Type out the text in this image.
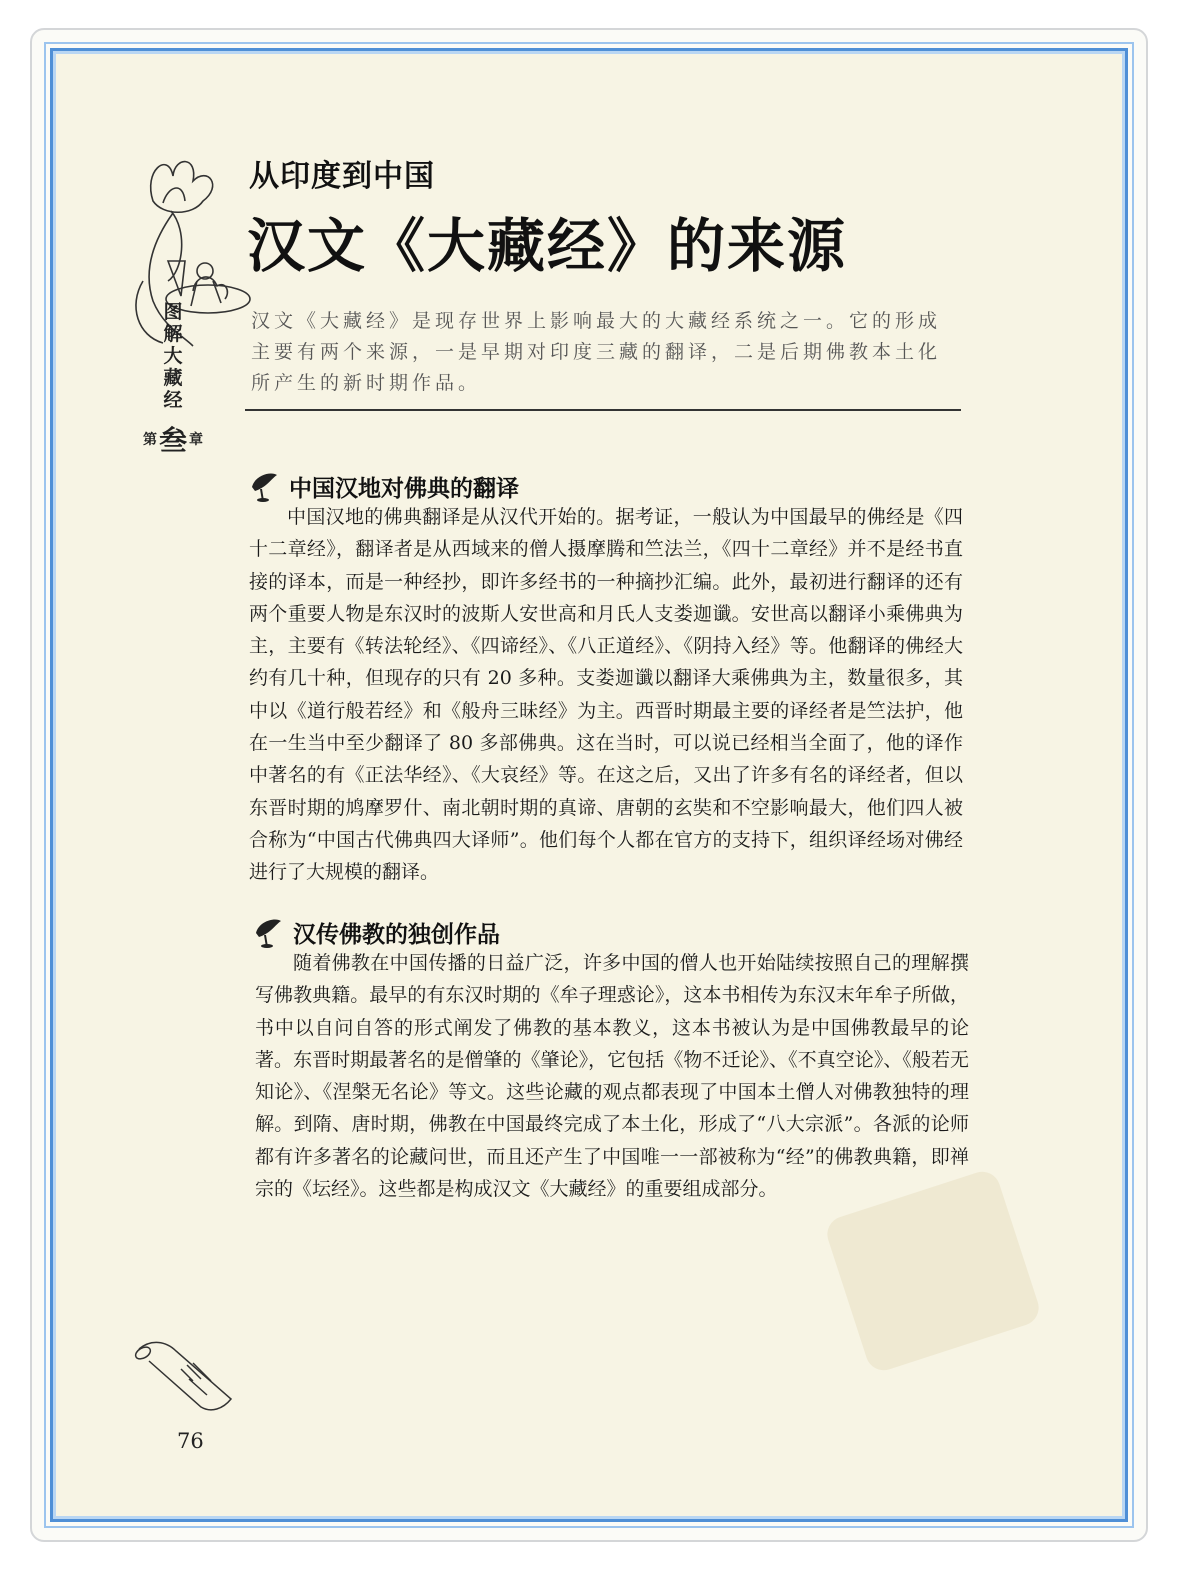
图解大藏经
第 叁 章
从印度到中国
汉文《大藏经》的来源

汉文《大藏经》是现存世界上影响最大的大藏经系统之一。它的形成主要有两个来源，一是早期对印度三藏的翻译，二是后期佛教本土化所产生的新时期作品。

中国汉地对佛典的翻译

中国汉地的佛典翻译是从汉代开始的。据考证，一般认为中国最早的佛经是《四十二章经》，翻译者是从西域来的僧人摄摩腾和竺法兰，《四十二章经》并不是经书直接的译本，而是一种经抄，即许多经书的一种摘抄汇编。此外，最初进行翻译的还有两个重要人物是东汉时的波斯人安世高和月氏人支娄迦谶。安世高以翻译小乘佛典为主，主要有《转法轮经》、《四谛经》、《八正道经》、《阴持入经》等。他翻译的佛经大约有几十种，但现存的只有 20 多种。支娄迦谶以翻译大乘佛典为主，数量很多，其中以《道行般若经》和《般舟三昧经》为主。西晋时期最主要的译经者是竺法护，他在一生当中至少翻译了 80 多部佛典。这在当时，可以说已经相当全面了，他的译作中著名的有《正法华经》、《大哀经》等。在这之后，又出了许多有名的译经者，但以东晋时期的鸠摩罗什、南北朝时期的真谛、唐朝的玄奘和不空影响最大，他们四人被合称为“中国古代佛典四大译师”。他们每个人都在官方的支持下，组织译经场对佛经进行了大规模的翻译。

汉传佛教的独创作品

随着佛教在中国传播的日益广泛，许多中国的僧人也开始陆续按照自己的理解撰写佛教典籍。最早的有东汉时期的《牟子理惑论》，这本书相传为东汉末年牟子所做，书中以自问自答的形式阐发了佛教的基本教义，这本书被认为是中国佛教最早的论著。东晋时期最著名的是僧肇的《肇论》，它包括《物不迁论》、《不真空论》、《般若无知论》、《涅槃无名论》等文。这些论藏的观点都表现了中国本土僧人对佛教独特的理解。到隋、唐时期，佛教在中国最终完成了本土化，形成了“八大宗派”。各派的论师都有许多著名的论藏问世，而且还产生了中国唯一一部被称为“经”的佛教典籍，即禅宗的《坛经》。这些都是构成汉文《大藏经》的重要组成部分。

76
